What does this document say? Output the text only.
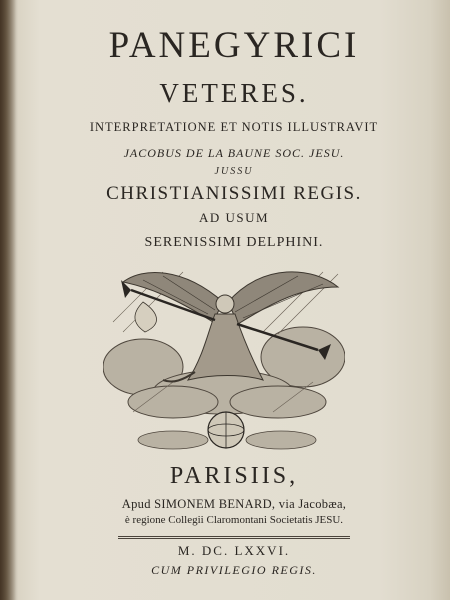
PANEGYRICI
VETERES.
INTERPRETATIONE ET NOTIS ILLUSTRAVIT
JACOBUS DE LA BAUNE SOC. JESU.
JUSSU
CHRISTIANISSIMI REGIS.
AD USUM
SERENISSIMI DELPHINI.
PARISIIS,
Apud SIMONEM BENARD, via Jacobæa,
è regione Collegii Claromontani Societatis JESU.
M. DC. LXXVI.
CUM PRIVILEGIO REGIS.
